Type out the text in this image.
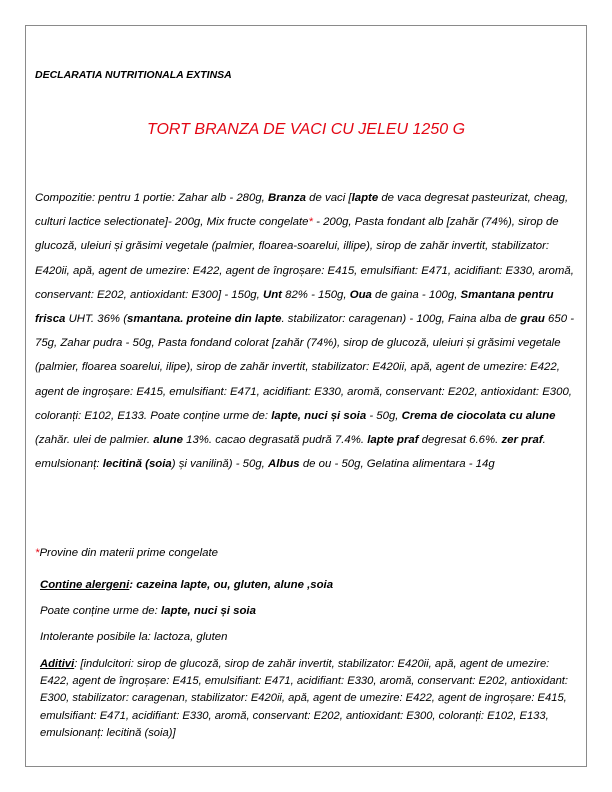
DECLARATIA NUTRITIONALA EXTINSA

TORT BRANZA DE VACI CU JELEU 1250 G

Compozitie: pentru 1 portie: Zahar alb - 280g, Branza de vaci [lapte de vaca degresat pasteurizat, cheag, culturi lactice selectionate]- 200g, Mix fructe congelate* - 200g, Pasta fondant alb [zahăr (74%), sirop de glucoză, uleiuri și grăsimi vegetale (palmier, floarea-soarelui, illipe), sirop de zahăr invertit, stabilizator: E420ii, apă, agent de umezire: E422, agent de îngroșare: E415, emulsifiant: E471, acidifiant: E330, aromă, conservant: E202, antioxidant: E300] - 150g, Unt 82% - 150g, Oua de gaina - 100g, Smantana pentru frisca UHT. 36% (smantana. proteine din lapte. stabilizator: caragenan) - 100g, Faina alba de grau 650 - 75g, Zahar pudra - 50g, Pasta fondand colorat [zahăr (74%), sirop de glucoză, uleiuri și grăsimi vegetale (palmier, floarea soarelui, ilipe), sirop de zahăr invertit, stabilizator: E420ii, apă, agent de umezire: E422, agent de ingroșare: E415, emulsifiant: E471, acidifiant: E330, aromă, conservant: E202, antioxidant: E300, coloranți: E102, E133. Poate conține urme de: lapte, nuci și soia - 50g, Crema de ciocolata cu alune (zahăr. ulei de palmier. alune 13%. cacao degrasată pudră 7.4%. lapte praf degresat 6.6%. zer praf. emulsionanț: lecitină (soia) și vanilină) - 50g, Albus de ou - 50g, Gelatina alimentara - 14g

*Provine din materii prime congelate

Contine alergeni: cazeina lapte, ou, gluten, alune ,soia

Poate conține urme de: lapte, nuci și soia

Intolerante posibile la: lactoza, gluten

Aditivi: [indulcitori: sirop de glucoză, sirop de zahăr invertit, stabilizator: E420ii, apă, agent de umezire: E422, agent de îngroșare: E415, emulsifiant: E471, acidifiant: E330, aromă, conservant: E202, antioxidant: E300, stabilizator: caragenan, stabilizator: E420ii, apă, agent de umezire: E422, agent de ingroșare: E415, emulsifiant: E471, acidifiant: E330, aromă, conservant: E202, antioxidant: E300, coloranți: E102, E133, emulsionanț: lecitină (soia)]
